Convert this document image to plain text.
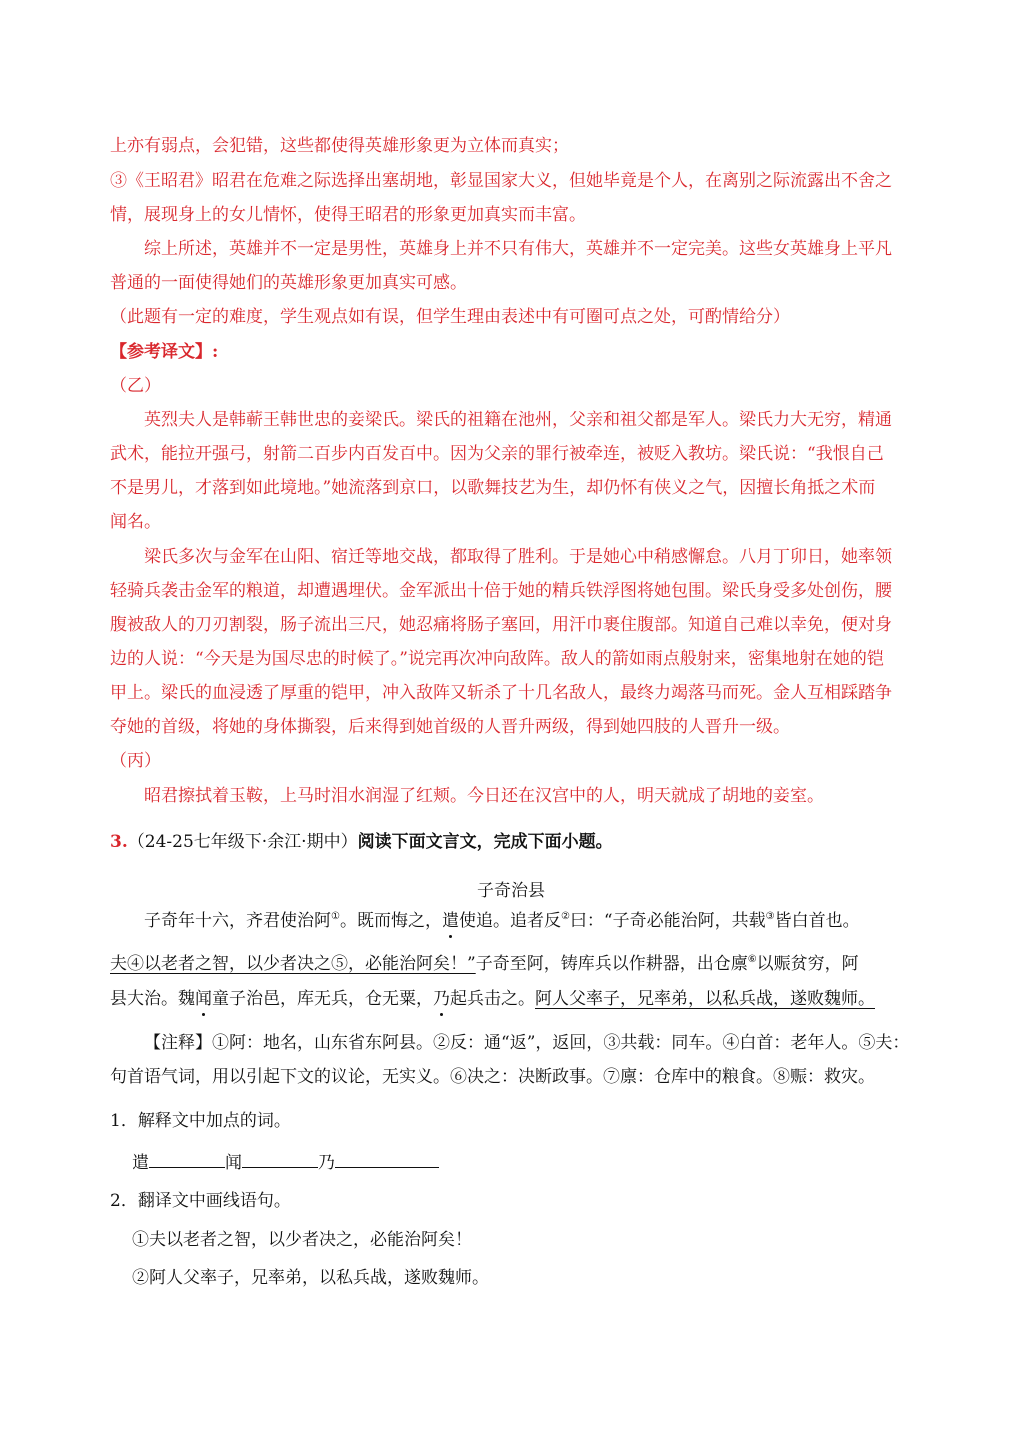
上亦有弱点，会犯错，这些都使得英雄形象更为立体而真实；
③《王昭君》昭君在危难之际选择出塞胡地，彰显国家大义，但她毕竟是个人，在离别之际流露出不舍之
情，展现身上的女儿情怀，使得王昭君的形象更加真实而丰富。
综上所述，英雄并不一定是男性，英雄身上并不只有伟大，英雄并不一定完美。这些女英雄身上平凡
普通的一面使得她们的英雄形象更加真实可感。
（此题有一定的难度，学生观点如有误，但学生理由表述中有可圈可点之处，可酌情给分）
【参考译文】:
（乙）
英烈夫人是韩蕲王韩世忠的妾梁氏。梁氏的祖籍在池州，父亲和祖父都是军人。梁氏力大无穷，精通
武术，能拉开强弓，射箭二百步内百发百中。因为父亲的罪行被牵连，被贬入教坊。梁氏说：“我恨自己
不是男儿，才落到如此境地。”她流落到京口，以歌舞技艺为生，却仍怀有侠义之气，因擅长角抵之术而
闻名。
梁氏多次与金军在山阳、宿迁等地交战，都取得了胜利。于是她心中稍感懈怠。八月丁卯日，她率领
轻骑兵袭击金军的粮道，却遭遇埋伏。金军派出十倍于她的精兵铁浮图将她包围。梁氏身受多处创伤，腰
腹被敌人的刀刃割裂，肠子流出三尺，她忍痛将肠子塞回，用汗巾裹住腹部。知道自己难以幸免，便对身
边的人说：“今天是为国尽忠的时候了。”说完再次冲向敌阵。敌人的箭如雨点般射来，密集地射在她的铠
甲上。梁氏的血浸透了厚重的铠甲，冲入敌阵又斩杀了十几名敌人，最终力竭落马而死。金人互相踩踏争
夺她的首级，将她的身体撕裂，后来得到她首级的人晋升两级，得到她四肢的人晋升一级。
（丙）
昭君擦拭着玉鞍，上马时泪水润湿了红颊。今日还在汉宫中的人，明天就成了胡地的妾室。
3.（24-25七年级下·余江·期中）阅读下面文言文，完成下面小题。
子奇治县
子奇年十六，齐君使治阿①。既而悔之，遣使追。追者反②曰：“子奇必能治阿，共载③皆白首也。
夫④以老者之智，以少者决之⑤，必能治阿矣！”子奇至阿，铸库兵以作耕器，出仓廪⑥以赈贫穷，阿
县大治。魏闻童子治邑，库无兵，仓无粟，乃起兵击之。阿人父率子，兄率弟，以私兵战，遂败魏师。
【注释】①阿：地名，山东省东阿县。②反：通“返”，返回，③共载：同车。④白首：老年人。⑤夫：
句首语气词，用以引起下文的议论，无实义。⑥决之：决断政事。⑦廪：仓库中的粮食。⑧赈：救灾。
1．解释文中加点的词。
遣	闻	乃
2．翻译文中画线语句。
①夫以老者之智，以少者决之，必能治阿矣！
②阿人父率子，兄率弟，以私兵战，遂败魏师。
